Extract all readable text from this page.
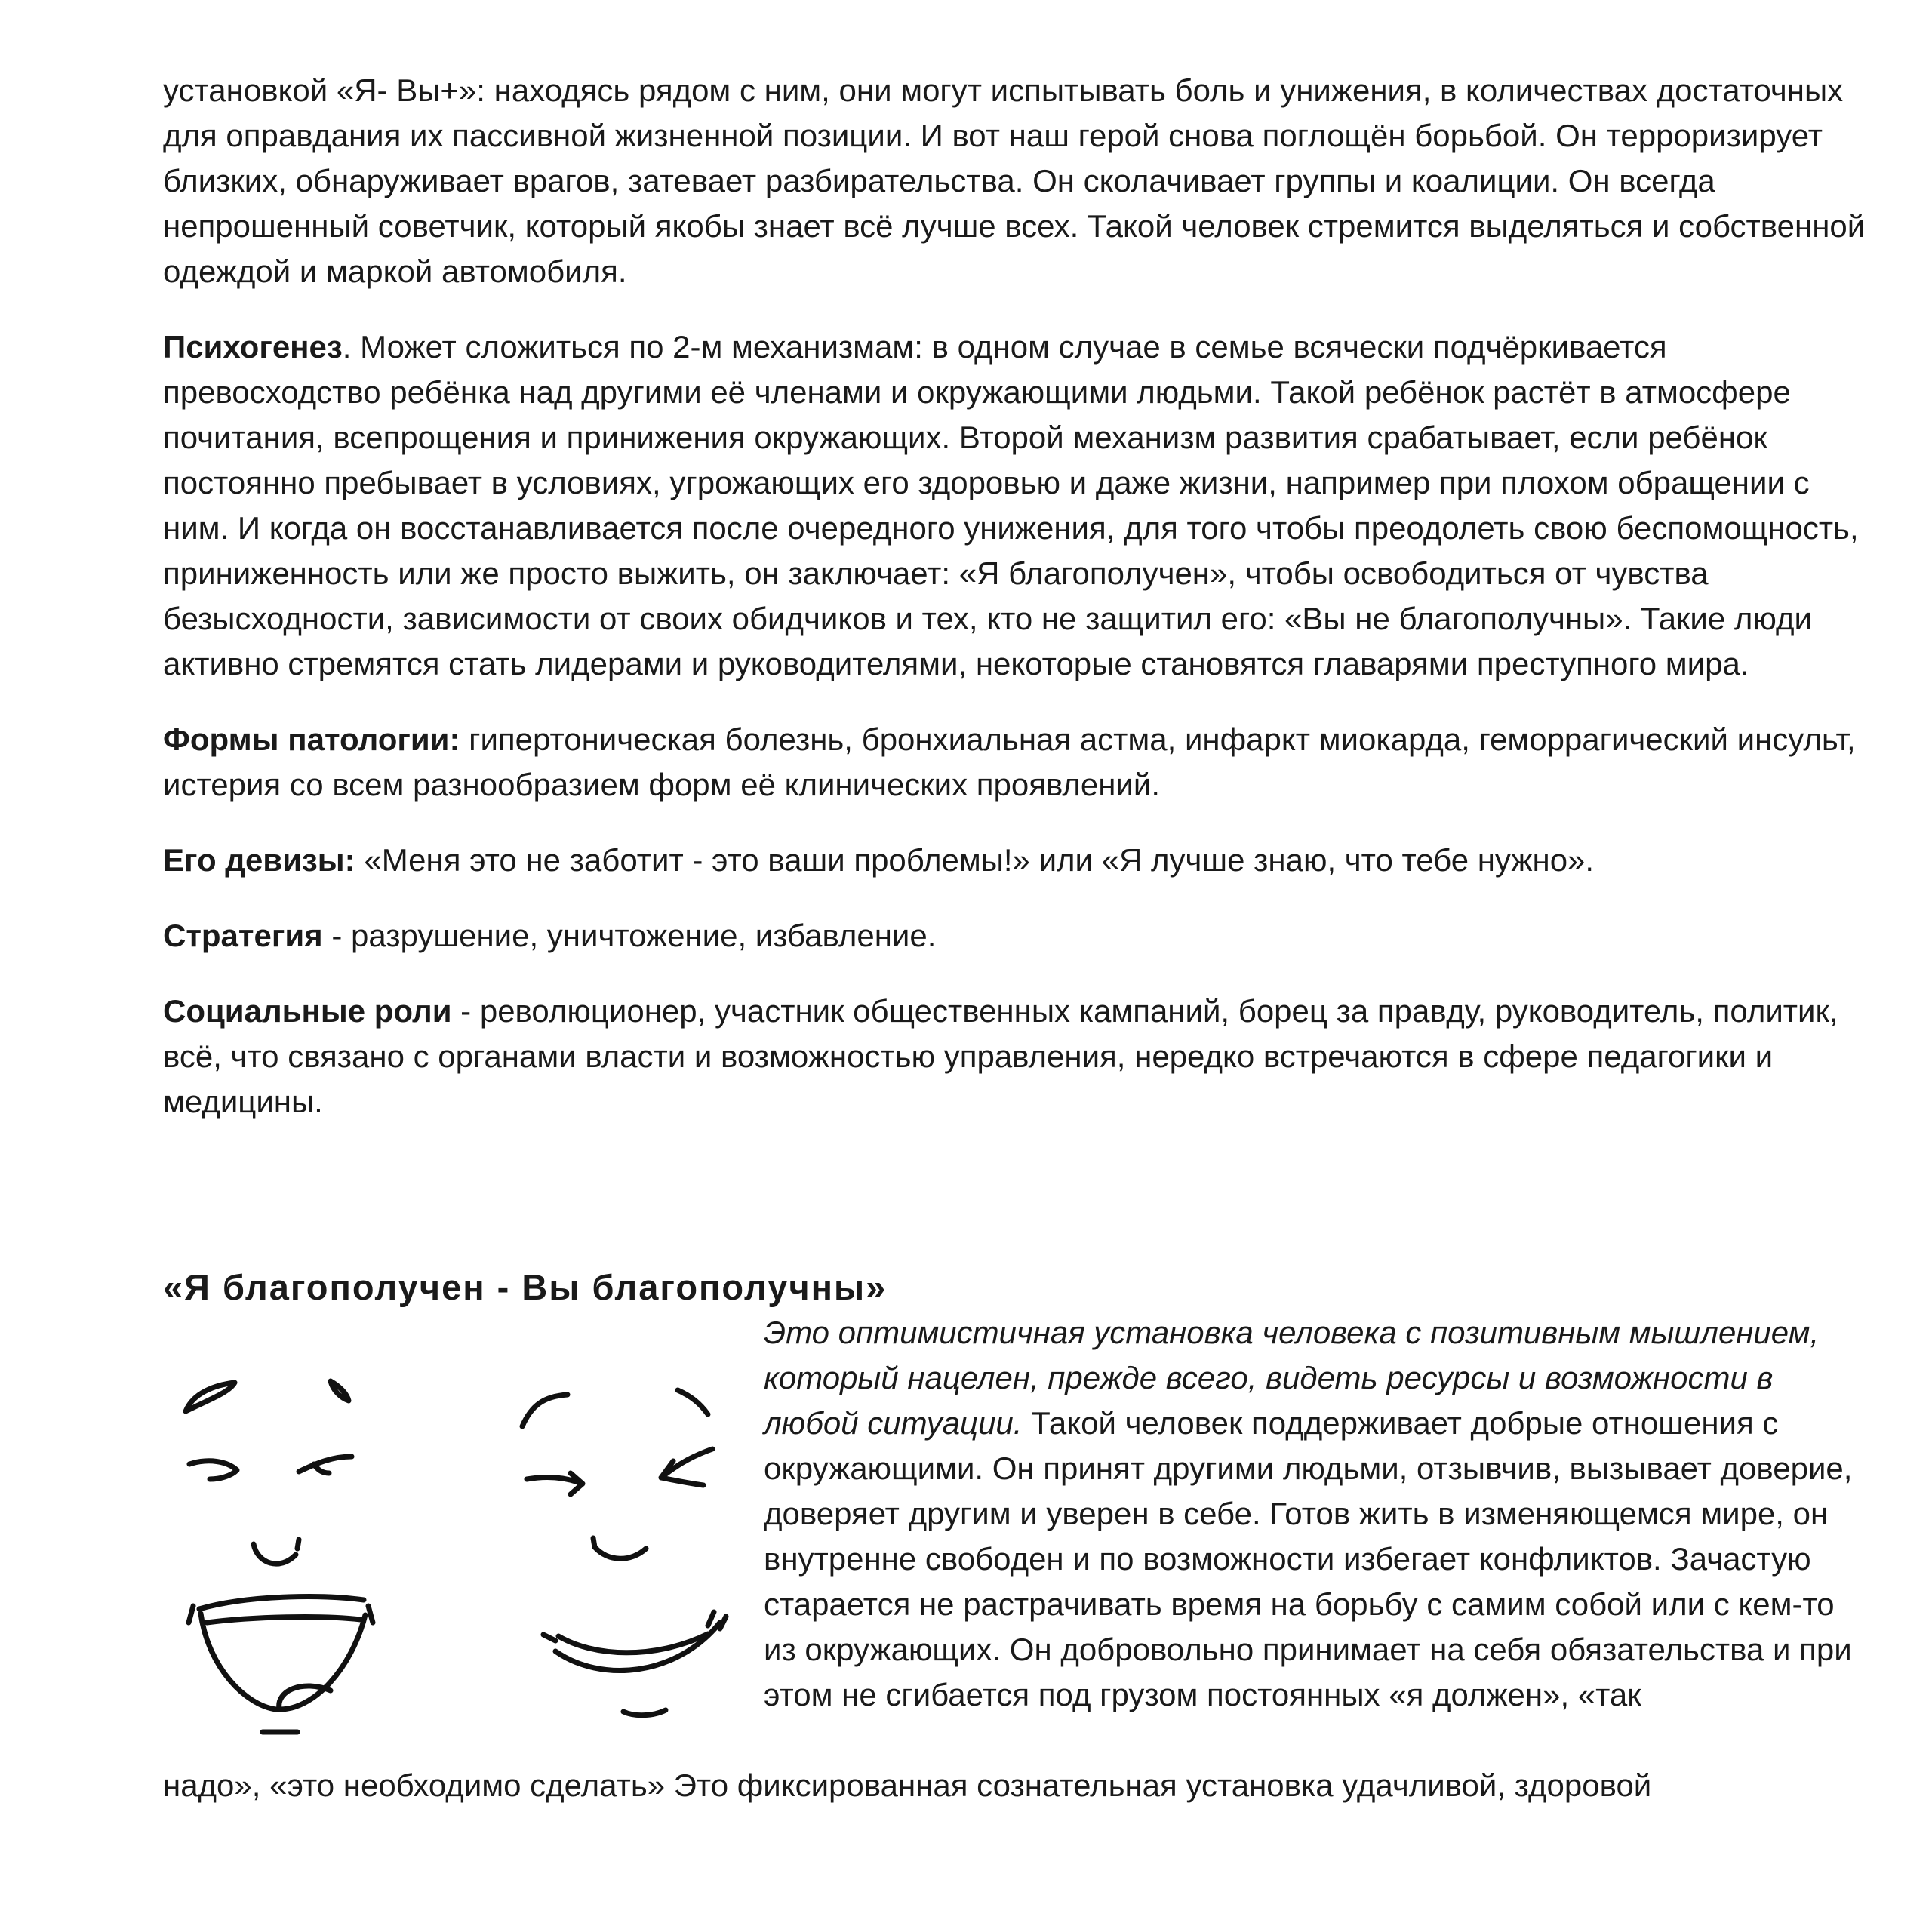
установкой «Я- Вы+»: находясь рядом с ним, они могут испытывать боль и унижения, в количествах достаточных для оправдания их пассивной жизненной позиции. И вот наш герой снова поглощён борьбой. Он терроризирует близких, обнаруживает врагов, затевает разбирательства. Он сколачивает группы и коалиции. Он всегда непрошенный советчик, который якобы знает всё лучше всех. Такой человек стремится выделяться и собственной одеждой и маркой автомобиля.

Психогенез. Может сложиться по 2-м механизмам: в одном случае в семье всячески подчёркивается превосходство ребёнка над другими её членами и окружающими людьми. Такой ребёнок растёт в атмосфере почитания, всепрощения и принижения окружающих. Второй механизм развития срабатывает, если ребёнок постоянно пребывает в условиях, угрожающих его здоровью и даже жизни, например при плохом обращении с ним. И когда он восстанавливается после очередного унижения, для того чтобы преодолеть свою беспомощность, приниженность или же просто выжить, он заключает: «Я благополучен», чтобы освободиться от чувства безысходности, зависимости от своих обидчиков и тех, кто не защитил его: «Вы не благополучны». Такие люди активно стремятся стать лидерами и руководителями, некоторые становятся главарями преступного мира.

Формы патологии: гипертоническая болезнь, бронхиальная астма, инфаркт миокарда, геморрагический инсульт, истерия со всем разнообразием форм её клинических проявлений.

Его девизы: «Меня это не заботит - это ваши проблемы!» или «Я лучше знаю, что тебе нужно».

Стратегия - разрушение, уничтожение, избавление.

Социальные роли - революционер, участник общественных кампаний, борец за правду, руководитель, политик, всё, что связано с органами власти и возможностью управления, нередко встречаются в сфере педагогики и медицины.

«Я благополучен - Вы благополучны»
Это оптимистичная установка человека с позитивным мышлением, который нацелен, прежде всего, видеть ресурсы и возможности в любой ситуации. Такой человек поддерживает добрые отношения с окружающими. Он принят другими людьми, отзывчив, вызывает доверие, доверяет другим и уверен в себе. Готов жить в изменяющемся мире, он внутренне свободен и по возможности избегает конфликтов. Зачастую старается не растрачивать время на борьбу с самим собой или с кем-то из окружающих. Он добровольно принимает на себя обязательства и при этом не сгибается под грузом постоянных «я должен», «так
надо», «это необходимо сделать» Это фиксированная сознательная установка удачливой, здоровой
